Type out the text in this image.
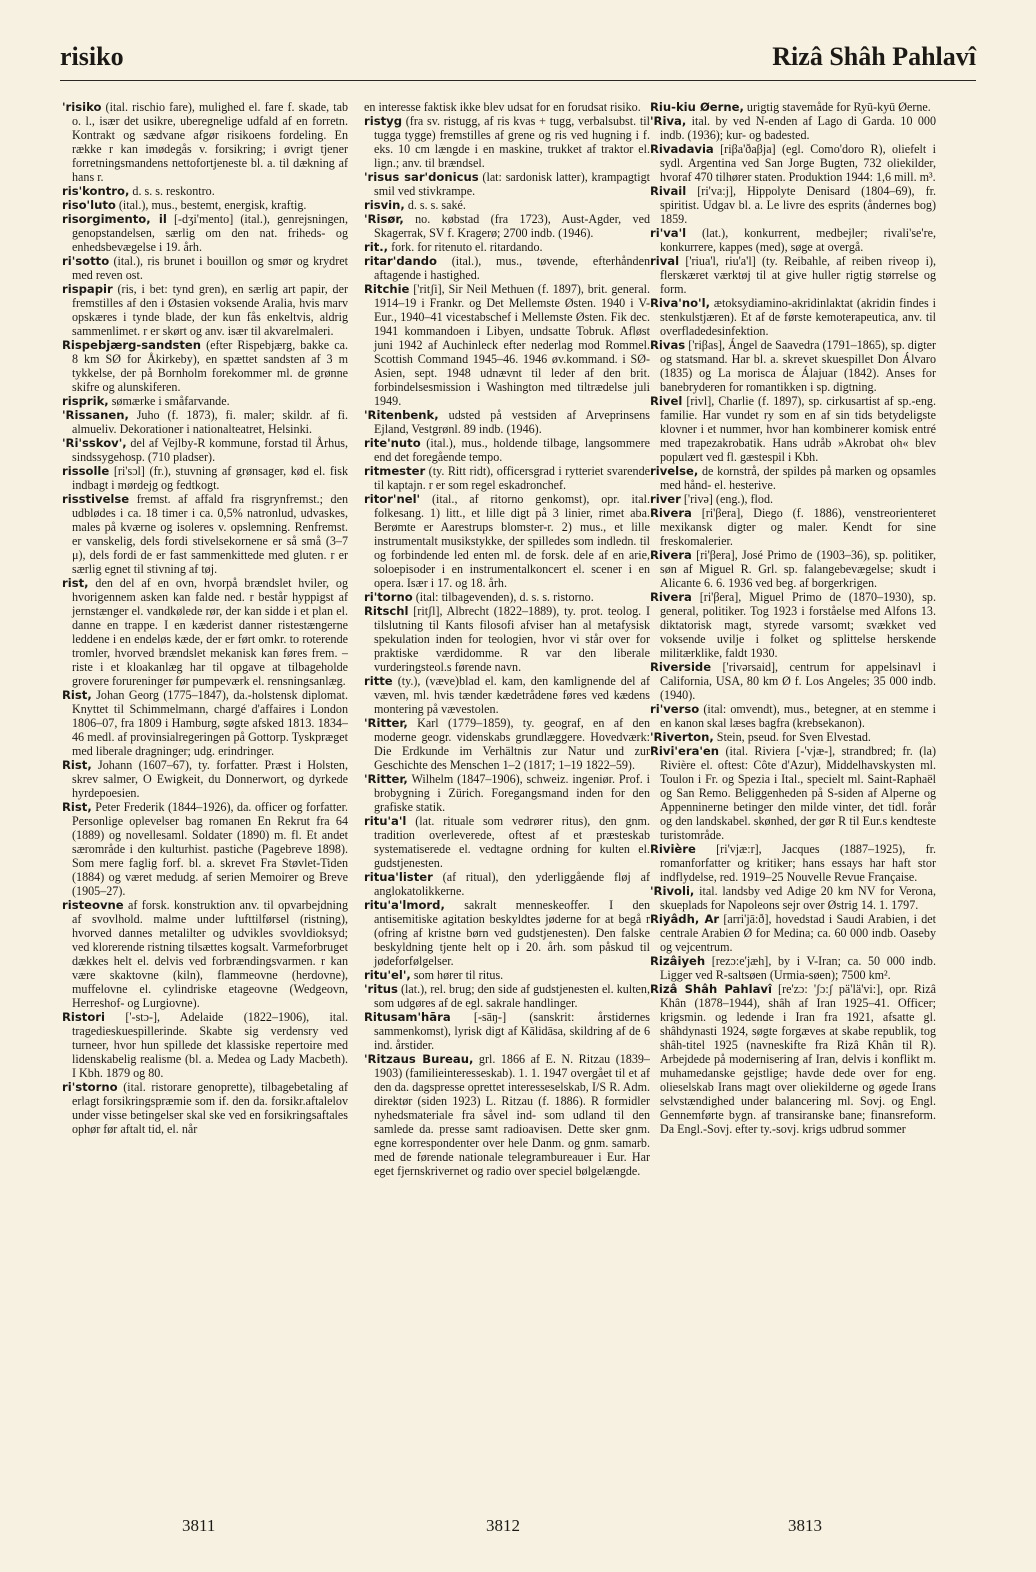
risiko	Rizâ Shâh Pahlavî

'risiko (ital. rischio fare), mulighed el. fare f. skade, tab o. l., især det usikre, uberegnelige udfald af en forretn. Kontrakt og sædvane afgør risikoens fordeling. En række r kan imødegås v. forsikring; i øvrigt tjener forretningsmandens nettofortjeneste bl. a. til dækning af hans r.

ris'kontro, d. s. s. reskontro.

riso'luto (ital.), mus., bestemt, energisk, kraftig.

risorgimento, il [-dʒi'mento] (ital.), genrejsningen, genopstandelsen, særlig om den nat. friheds- og enhedsbevægelse i 19. årh.

ri'sotto (ital.), ris brunet i bouillon og smør og krydret med reven ost.

rispapir (ris, i bet: tynd gren), en særlig art papir, der fremstilles af den i Østasien voksende Aralia, hvis marv opskæres i tynde blade, der kun fås enkeltvis, aldrig sammenlimet. r er skørt og anv. især til akvarelmaleri.

Rispebjærg-sandsten (efter Rispebjærg, bakke ca. 8 km SØ for Åkirkeby), en spættet sandsten af 3 m tykkelse, der på Bornholm forekommer ml. de grønne skifre og alunskiferen.

risprik, sømærke i småfarvande.

'Rissanen, Juho (f. 1873), fi. maler; skildr. af fi. almueliv. Dekorationer i nationalteatret, Helsinki.

'Ri'sskov', del af Vejlby-R kommune, forstad til Århus, sindssygehosp. (710 pladser).

rissolle [ri'sɔl] (fr.), stuvning af grønsager, kød el. fisk indbagt i mørdejg og fedtkogt.

risstivelse fremst. af affald fra risgrynfremst.; den udblødes i ca. 18 timer i ca. 0,5% natronlud, udvaskes, males på kværne og isoleres v. opslemning. Renfremst. er vanskelig, dels fordi stivelsekornene er så små (3–7 μ), dels fordi de er fast sammenkittede med gluten. r er særlig egnet til stivning af tøj.

rist, den del af en ovn, hvorpå brændslet hviler, og hvorigennem asken kan falde ned. r består hyppigst af jernstænger el. vandkølede rør, der kan sidde i et plan el. danne en trappe. I en kæderist danner ristestængerne leddene i en endeløs kæde, der er ført omkr. to roterende tromler, hvorved brændslet mekanisk kan føres frem. – riste i et kloakanlæg har til opgave at tilbageholde grovere forureninger før pumpeværk el. rensningsanlæg.

Rist, Johan Georg (1775–1847), da.-holstensk diplomat. Knyttet til Schimmelmann, chargé d'affaires i London 1806–07, fra 1809 i Hamburg, søgte afsked 1813. 1834–46 medl. af provinsialregeringen på Gottorp. Tyskpræget med liberale dragninger; udg. erindringer.

Rist, Johann (1607–67), ty. forfatter. Præst i Holsten, skrev salmer, O Ewigkeit, du Donnerwort, og dyrkede hyrdepoesien.

Rist, Peter Frederik (1844–1926), da. officer og forfatter. Personlige oplevelser bag romanen En Rekrut fra 64 (1889) og novellesaml. Soldater (1890) m. fl. Et andet særområde i den kulturhist. pastiche (Pagebreve 1898). Som mere faglig forf. bl. a. skrevet Fra Støvlet-Tiden (1884) og været medudg. af serien Memoirer og Breve (1905–27).

risteovne af forsk. konstruktion anv. til opvarbejdning af svovlhold. malme under lufttilførsel (ristning), hvorved dannes metalilter og udvikles svovldioksyd; ved klorerende ristning tilsættes kogsalt. Varmeforbruget dækkes helt el. delvis ved forbrændingsvarmen. r kan være skaktovne (kiln), flammeovne (herdovne), muffelovne el. cylindriske etageovne (Wedgeovn, Herreshof- og Lurgiovne).

Ristori ['-stɔ-], Adelaide (1822–1906), ital. tragedieskuespillerinde. Skabte sig verdensry ved turneer, hvor hun spillede det klassiske repertoire med lidenskabelig realisme (bl. a. Medea og Lady Macbeth). I Kbh. 1879 og 80.

ri'storno (ital. ristorare genoprette), tilbagebetaling af erlagt forsikringspræmie som if. den da. forsikr.aftalelov under visse betingelser skal ske ved en forsikringsaftales ophør før aftalt tid, el. når

en interesse faktisk ikke blev udsat for en forudsat risiko.

ristyg (fra sv. ristugg, af ris kvas + tugg, verbalsubst. til tugga tygge) fremstilles af grene og ris ved hugning i f. eks. 10 cm længde i en maskine, trukket af traktor el. lign.; anv. til brændsel.

'risus sar'donicus (lat: sardonisk latter), krampagtigt smil ved stivkrampe.

risvin, d. s. s. saké.

'Risør, no. købstad (fra 1723), Aust-Agder, ved Skagerrak, SV f. Kragerø; 2700 indb. (1946).

rit., fork. for ritenuto el. ritardando.

ritar'dando (ital.), mus., tøvende, efterhånden aftagende i hastighed.

Ritchie ['ritʃi], Sir Neil Methuen (f. 1897), brit. general. 1914–19 i Frankr. og Det Mellemste Østen. 1940 i V-Eur., 1940–41 vicestabschef i Mellemste Østen. Fik dec. 1941 kommandoen i Libyen, undsatte Tobruk. Afløst juni 1942 af Auchinleck efter nederlag mod Rommel. Scottish Command 1945–46. 1946 øv.kommand. i SØ-Asien, sept. 1948 udnævnt til leder af den brit. forbindelsesmission i Washington med tiltrædelse juli 1949.

'Ritenbenk, udsted på vestsiden af Arveprinsens Ejland, Vestgrønl. 89 indb. (1946).

rite'nuto (ital.), mus., holdende tilbage, langsommere end det foregående tempo.

ritmester (ty. Ritt ridt), officersgrad i rytteriet svarende til kaptajn. r er som regel eskadronchef.

ritor'nel' (ital., af ritorno genkomst), opr. ital. folkesang. 1) litt., et lille digt på 3 linier, rimet aba. Berømte er Aarestrups blomster-r. 2) mus., et lille instrumentalt musikstykke, der spilledes som indledn. til og forbindende led enten ml. de forsk. dele af en arie, soloepisoder i en instrumentalkoncert el. scener i en opera. Især i 17. og 18. årh.

ri'torno (ital: tilbagevenden), d. s. s. ristorno.

Ritschl [ritʃl], Albrecht (1822–1889), ty. prot. teolog. I tilslutning til Kants filosofi afviser han al metafysisk spekulation inden for teologien, hvor vi står over for praktiske værdidomme. R var den liberale vurderingsteol.s førende navn.

ritte (ty.), (væve)blad el. kam, den kamlignende del af væven, ml. hvis tænder kædetrådene føres ved kædens montering på vævestolen.

'Ritter, Karl (1779–1859), ty. geograf, en af den moderne geogr. videnskabs grundlæggere. Hovedværk: Die Erdkunde im Verhältnis zur Natur und zur Geschichte des Menschen 1–2 (1817; 1–19 1822–59).

'Ritter, Wilhelm (1847–1906), schweiz. ingeniør. Prof. i brobygning i Zürich. Foregangsmand inden for den grafiske statik.

ritu'a'l (lat. rituale som vedrører ritus), den gnm. tradition overleverede, oftest af et præsteskab systematiserede el. vedtagne ordning for kulten el. gudstjenesten.

ritua'lister (af ritual), den yderliggående fløj af anglokatolikkerne.

ritu'a'lmord, sakralt menneskeoffer. I den antisemitiske agitation beskyldtes jøderne for at begå r (ofring af kristne børn ved gudstjenesten). Den falske beskyldning tjente helt op i 20. årh. som påskud til jødeforfølgelser.

ritu'el', som hører til ritus.

'ritus (lat.), rel. brug; den side af gudstjenesten el. kulten, som udgøres af de egl. sakrale handlinger.

Ritusam'hāra [-sāŋ-] (sanskrit: årstidernes sammenkomst), lyrisk digt af Kālidāsa, skildring af de 6 ind. årstider.

'Ritzaus Bureau, grl. 1866 af E. N. Ritzau (1839–1903) (familieinteresseskab). 1. 1. 1947 overgået til et af den da. dagspresse oprettet interesseselskab, I/S R. Adm. direktør (siden 1923) L. Ritzau (f. 1886). R formidler nyhedsmateriale fra såvel ind- som udland til den samlede da. presse samt radioavisen. Dette sker gnm. egne korrespondenter over hele Danm. og gnm. samarb. med de førende nationale telegrambureauer i Eur. Har eget fjernskrivernet og radio over speciel bølgelængde.

Riu-kiu Øerne, urigtig stavemåde for Ryū-kyū Øerne.

'Riva, ital. by ved N-enden af Lago di Garda. 10 000 indb. (1936); kur- og badested.

Rivadavia [riβa'ðaβja] (egl. Como'doro R), oliefelt i sydl. Argentina ved San Jorge Bugten, 732 oliekilder, hvoraf 470 tilhører staten. Produktion 1944: 1,6 mill. m³.

Rivail [ri'va:j], Hippolyte Denisard (1804–69), fr. spiritist. Udgav bl. a. Le livre des esprits (åndernes bog) 1859.

ri'va'l (lat.), konkurrent, medbejler; rivali'se're, konkurrere, kappes (med), søge at overgå.

rival ['riua'l, riu'a'l] (ty. Reibahle, af reiben riveop i), flerskæret værktøj til at give huller rigtig størrelse og form.

Riva'no'l, ætoksydiamino-akridinlaktat (akridin findes i stenkulstjæren). Et af de første kemoterapeutica, anv. til overfladedesinfektion.

Rivas ['riβas], Ángel de Saavedra (1791–1865), sp. digter og statsmand. Har bl. a. skrevet skuespillet Don Álvaro (1835) og La morisca de Álajuar (1842). Anses for banebryderen for romantikken i sp. digtning.

Rivel [rivl], Charlie (f. 1897), sp. cirkusartist af sp.-eng. familie. Har vundet ry som en af sin tids betydeligste klovner i et nummer, hvor han kombinerer komisk entré med trapezakrobatik. Hans udråb »Akrobat oh« blev populært ved fl. gæstespil i Kbh.

rivelse, de kornstrå, der spildes på marken og opsamles med hånd- el. hesterive.

river ['rivə] (eng.), flod.

Rivera [ri'βera], Diego (f. 1886), venstreorienteret mexikansk digter og maler. Kendt for sine freskomalerier.

Rivera [ri'βera], José Primo de (1903–36), sp. politiker, søn af Miguel R. Grl. sp. falangebevægelse; skudt i Alicante 6. 6. 1936 ved beg. af borgerkrigen.

Rivera [ri'βera], Miguel Primo de (1870–1930), sp. general, politiker. Tog 1923 i forståelse med Alfons 13. diktatorisk magt, styrede varsomt; svækket ved voksende uvilje i folket og splittelse herskende militærklike, faldt 1930.

Riverside ['rivərsaid], centrum for appelsinavl i California, USA, 80 km Ø f. Los Angeles; 35 000 indb. (1940).

ri'verso (ital: omvendt), mus., betegner, at en stemme i en kanon skal læses bagfra (krebsekanon).

'Riverton, Stein, pseud. for Sven Elvestad.

Rivi'era'en (ital. Riviera [-'vjæ-], strandbred; fr. (la) Rivière el. oftest: Côte d'Azur), Middelhavskysten ml. Toulon i Fr. og Spezia i Ital., specielt ml. Saint-Raphaël og San Remo. Beliggenheden på S-siden af Alperne og Appenninerne betinger den milde vinter, det tidl. forår og den landskabel. skønhed, der gør R til Eur.s kendteste turistområde.

Rivière [ri'vjæ:r], Jacques (1887–1925), fr. romanforfatter og kritiker; hans essays har haft stor indflydelse, red. 1919–25 Nouvelle Revue Française.

'Rivoli, ital. landsby ved Adige 20 km NV for Verona, skueplads for Napoleons sejr over Østrig 14. 1. 1797.

Riyâdh, Ar [arri'jā:ð], hovedstad i Saudi Arabien, i det centrale Arabien Ø for Medina; ca. 60 000 indb. Oaseby og vejcentrum.

Rizâiyeh [rezɔ:e'jæh], by i V-Iran; ca. 50 000 indb. Ligger ved R-saltsøen (Urmia-søen); 7500 km².

Rizâ Shâh Pahlavî [re'zɔ: 'ʃɔ:ʃ pä'lä'vi:], opr. Rizâ Khân (1878–1944), shâh af Iran 1925–41. Officer; krigsmin. og ledende i Iran fra 1921, afsatte gl. shâhdynasti 1924, søgte forgæves at skabe republik, tog shâh-titel 1925 (navneskifte fra Rizâ Khân til R). Arbejdede på modernisering af Iran, delvis i konflikt m. muhamedanske gejstlige; havde dede over for eng. olieselskab Irans magt over oliekilderne og øgede Irans selvstændighed under balancering ml. Sovj. og Engl. Gennemførte bygn. af transiranske bane; finansreform. Da Engl.-Sovj. efter ty.-sovj. krigs udbrud sommer

3811	3812	3813
